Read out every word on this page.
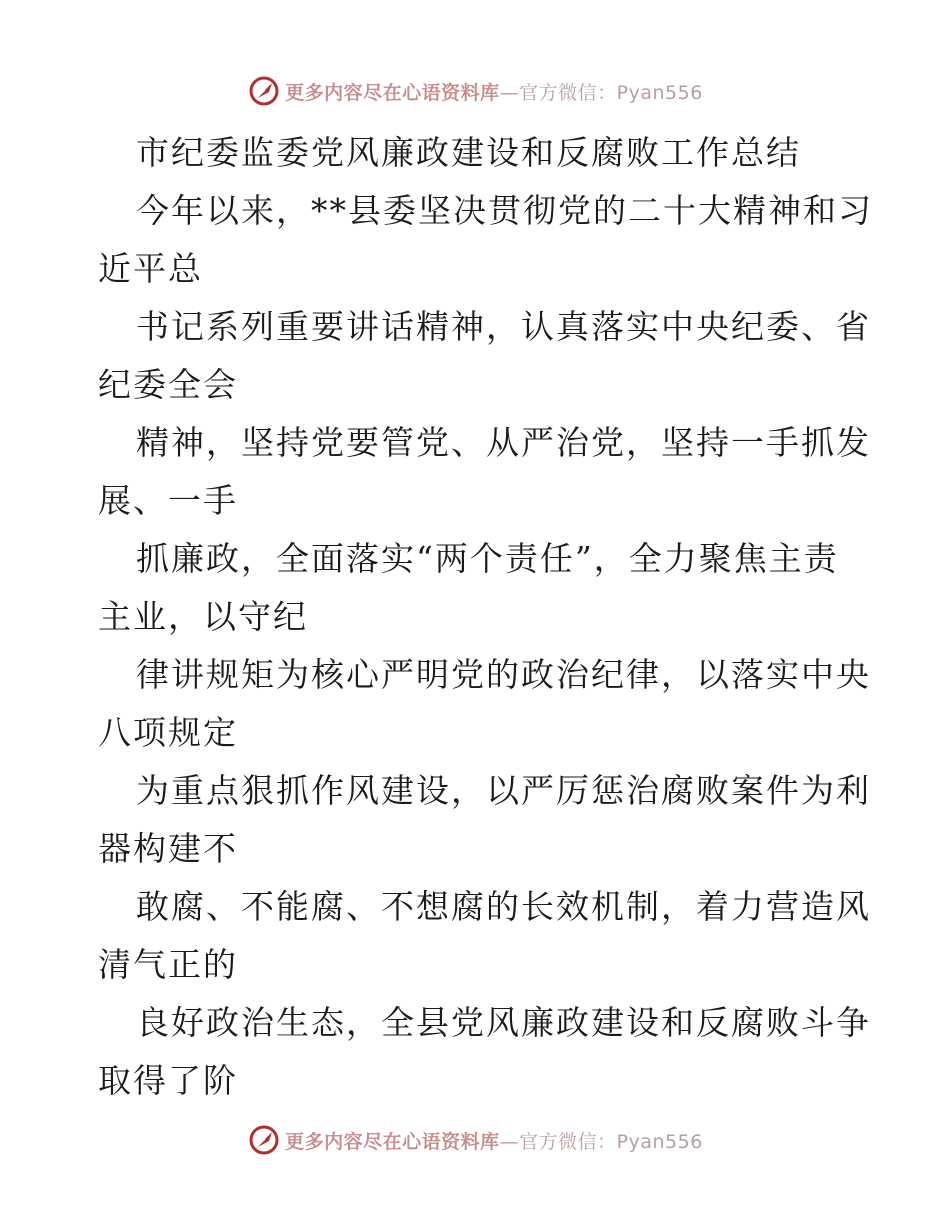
更多内容尽在心语资料库—官方微信：Pyan556
市纪委监委党风廉政建设和反腐败工作总结
今年以来，**县委坚决贯彻党的二十大精神和习
近平总
书记系列重要讲话精神，认真落实中央纪委、省
纪委全会
精神，坚持党要管党、从严治党，坚持一手抓发
展、一手
抓廉政，全面落实“两个责任”，全力聚焦主责
主业，以守纪
律讲规矩为核心严明党的政治纪律，以落实中央
八项规定
为重点狠抓作风建设，以严厉惩治腐败案件为利
器构建不
敢腐、不能腐、不想腐的长效机制，着力营造风
清气正的
良好政治生态，全县党风廉政建设和反腐败斗争
取得了阶
更多内容尽在心语资料库—官方微信：Pyan556
